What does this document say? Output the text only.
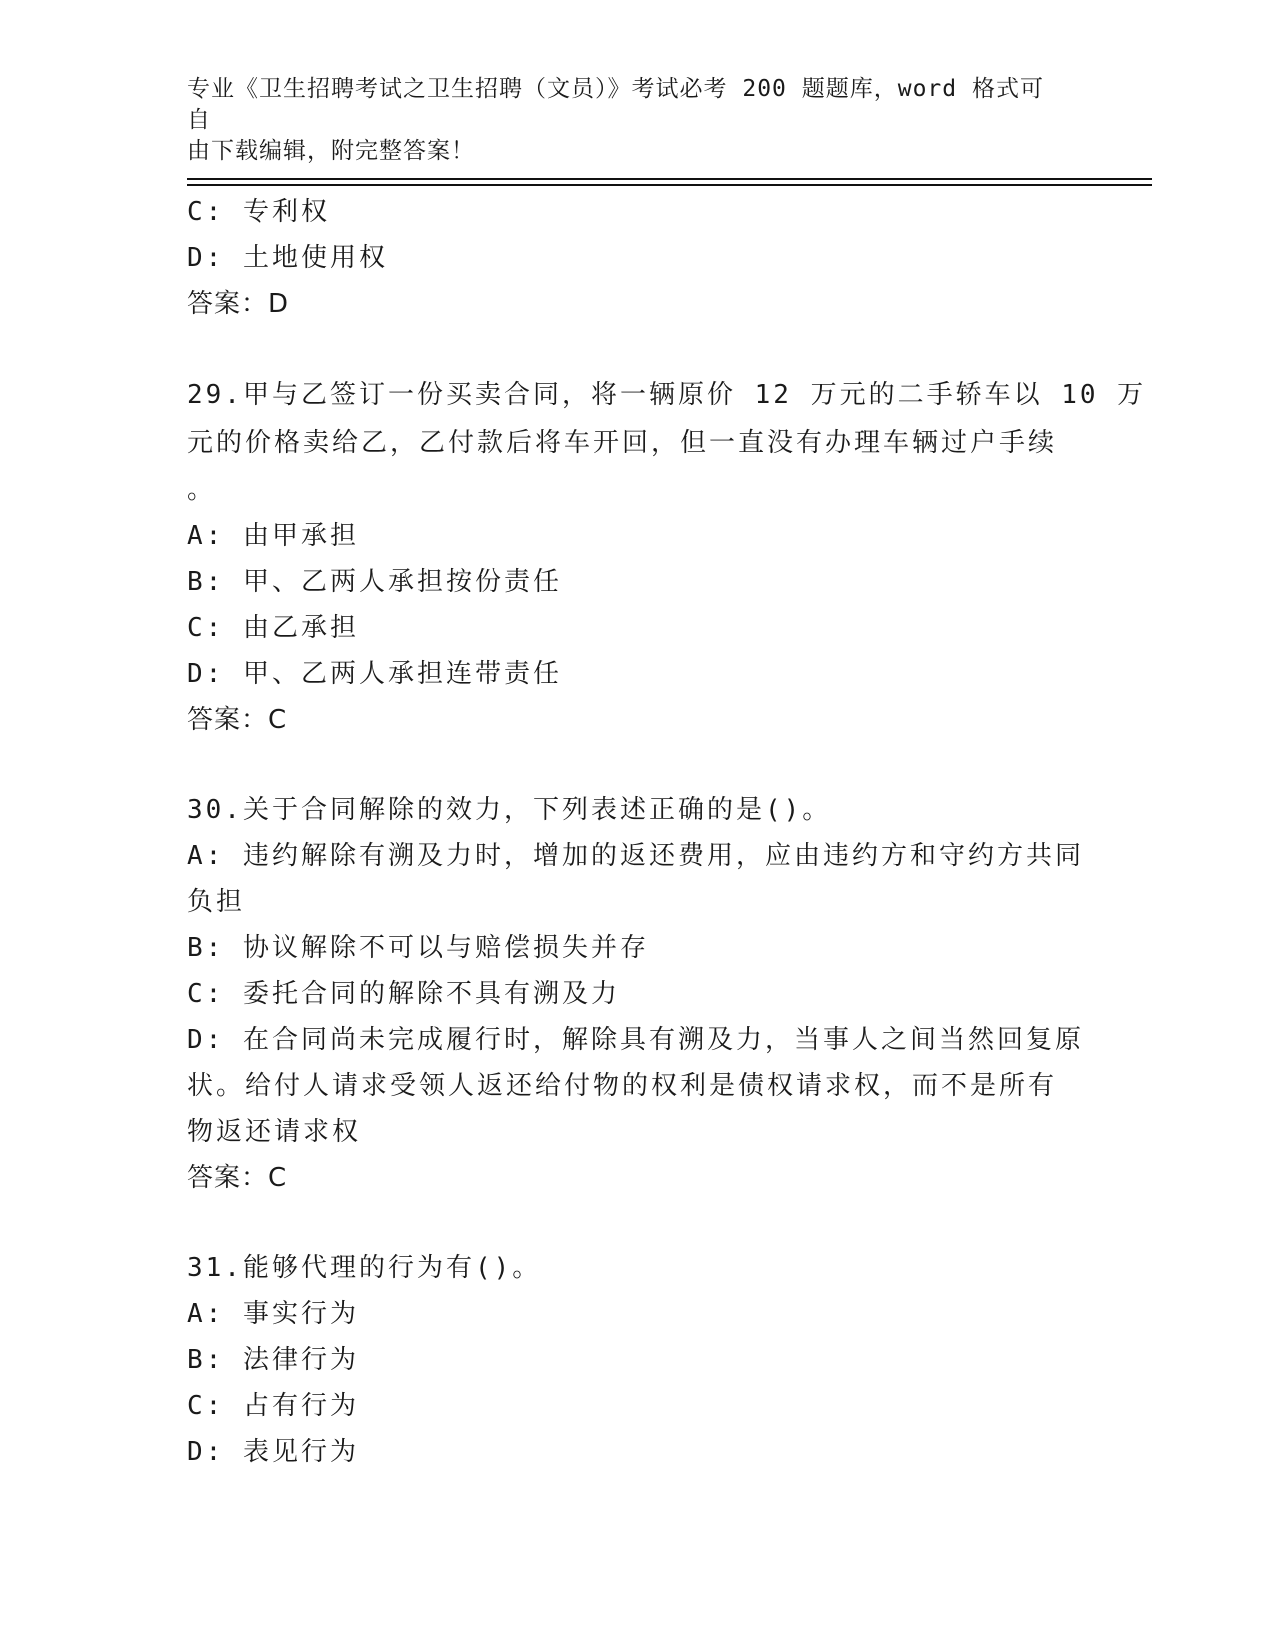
专业《卫生招聘考试之卫生招聘（文员）》考试必考 200 题题库，word 格式可自
由下载编辑，附完整答案！
C: 专利权
D: 土地使用权
答案：D
29.甲与乙签订一份买卖合同，将一辆原价 12 万元的二手轿车以 10 万
元的价格卖给乙，乙付款后将车开回，但一直没有办理车辆过户手续
。
A: 由甲承担
B: 甲、乙两人承担按份责任
C: 由乙承担
D: 甲、乙两人承担连带责任
答案：C
30.关于合同解除的效力，下列表述正确的是()。
A: 违约解除有溯及力时，增加的返还费用，应由违约方和守约方共同
负担
B: 协议解除不可以与赔偿损失并存
C: 委托合同的解除不具有溯及力
D: 在合同尚未完成履行时，解除具有溯及力，当事人之间当然回复原
状。给付人请求受领人返还给付物的权利是债权请求权，而不是所有
物返还请求权
答案：C
31.能够代理的行为有()。
A: 事实行为
B: 法律行为
C: 占有行为
D: 表见行为
